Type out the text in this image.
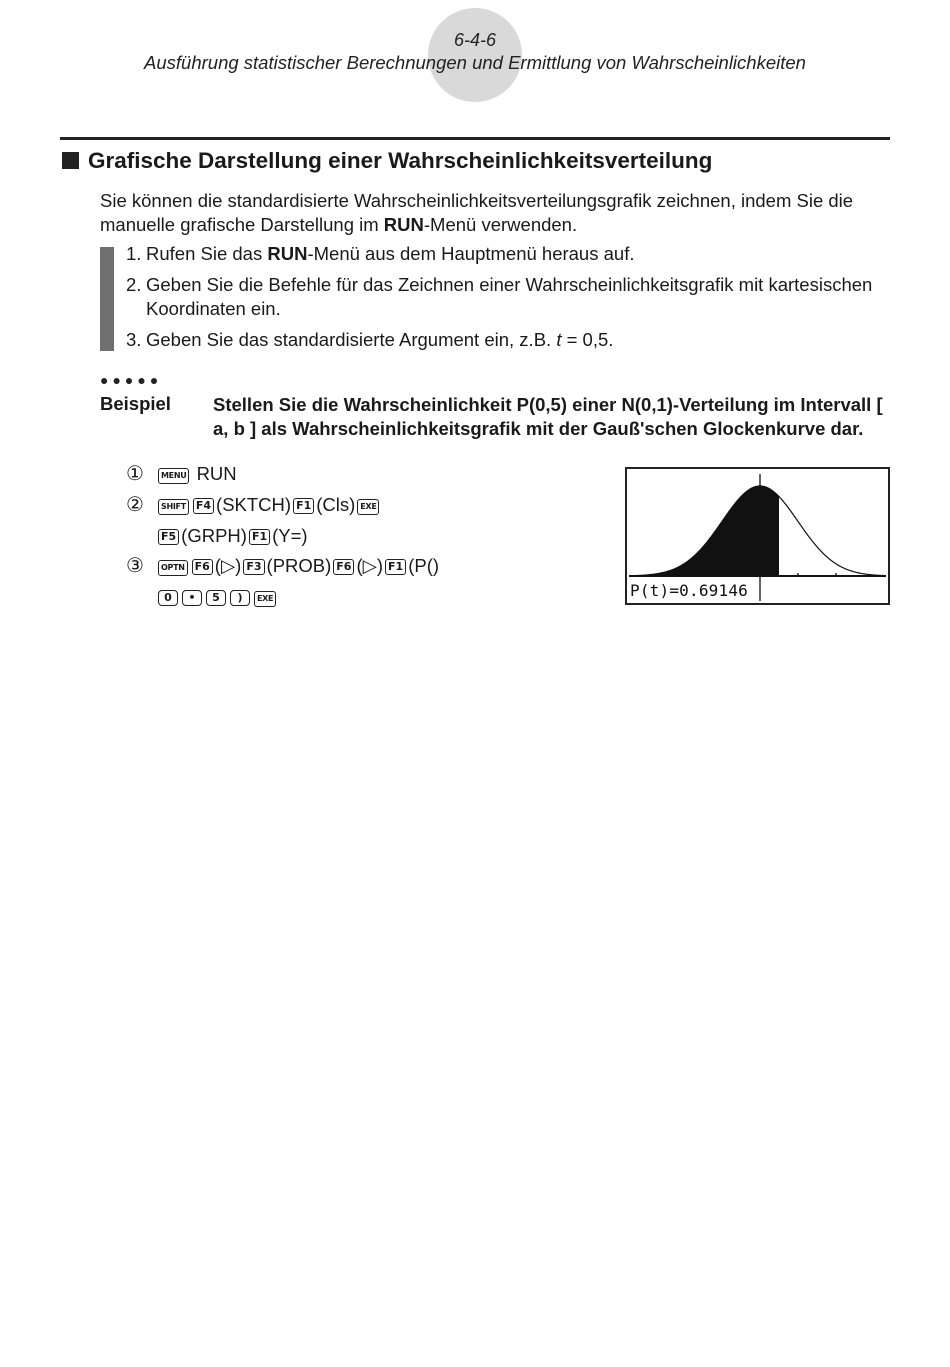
6-4-6
Ausführung statistischer Berechnungen und Ermittlung von Wahrscheinlichkeiten
Grafische Darstellung einer Wahrscheinlichkeitsverteilung
Sie können die standardisierte Wahrscheinlichkeitsverteilungsgrafik zeichnen, indem Sie die manuelle grafische Darstellung im RUN-Menü verwenden.
1. Rufen Sie das RUN-Menü aus dem Hauptmenü heraus auf.
2. Geben Sie die Befehle für das Zeichnen einer Wahrscheinlichkeitsgrafik mit kartesischen Koordinaten ein.
3. Geben Sie das standardisierte Argument ein, z.B. t = 0,5.
●●●●●
Beispiel Stellen Sie die Wahrscheinlichkeit P(0,5) einer N(0,1)-Verteilung im Intervall [ a, b ] als Wahrscheinlichkeitsgrafik mit der Gauß'schen Glockenkurve dar.
① MENU RUN
② SHIFT F4 (SKTCH) F1 (Cls) EXE
F5 (GRPH) F1 (Y=)
③ OPTN F6 (▷) F3 (PROB) F6 (▷) F1 (P()
0 • 5 ) EXE	P(t)=0.69146
